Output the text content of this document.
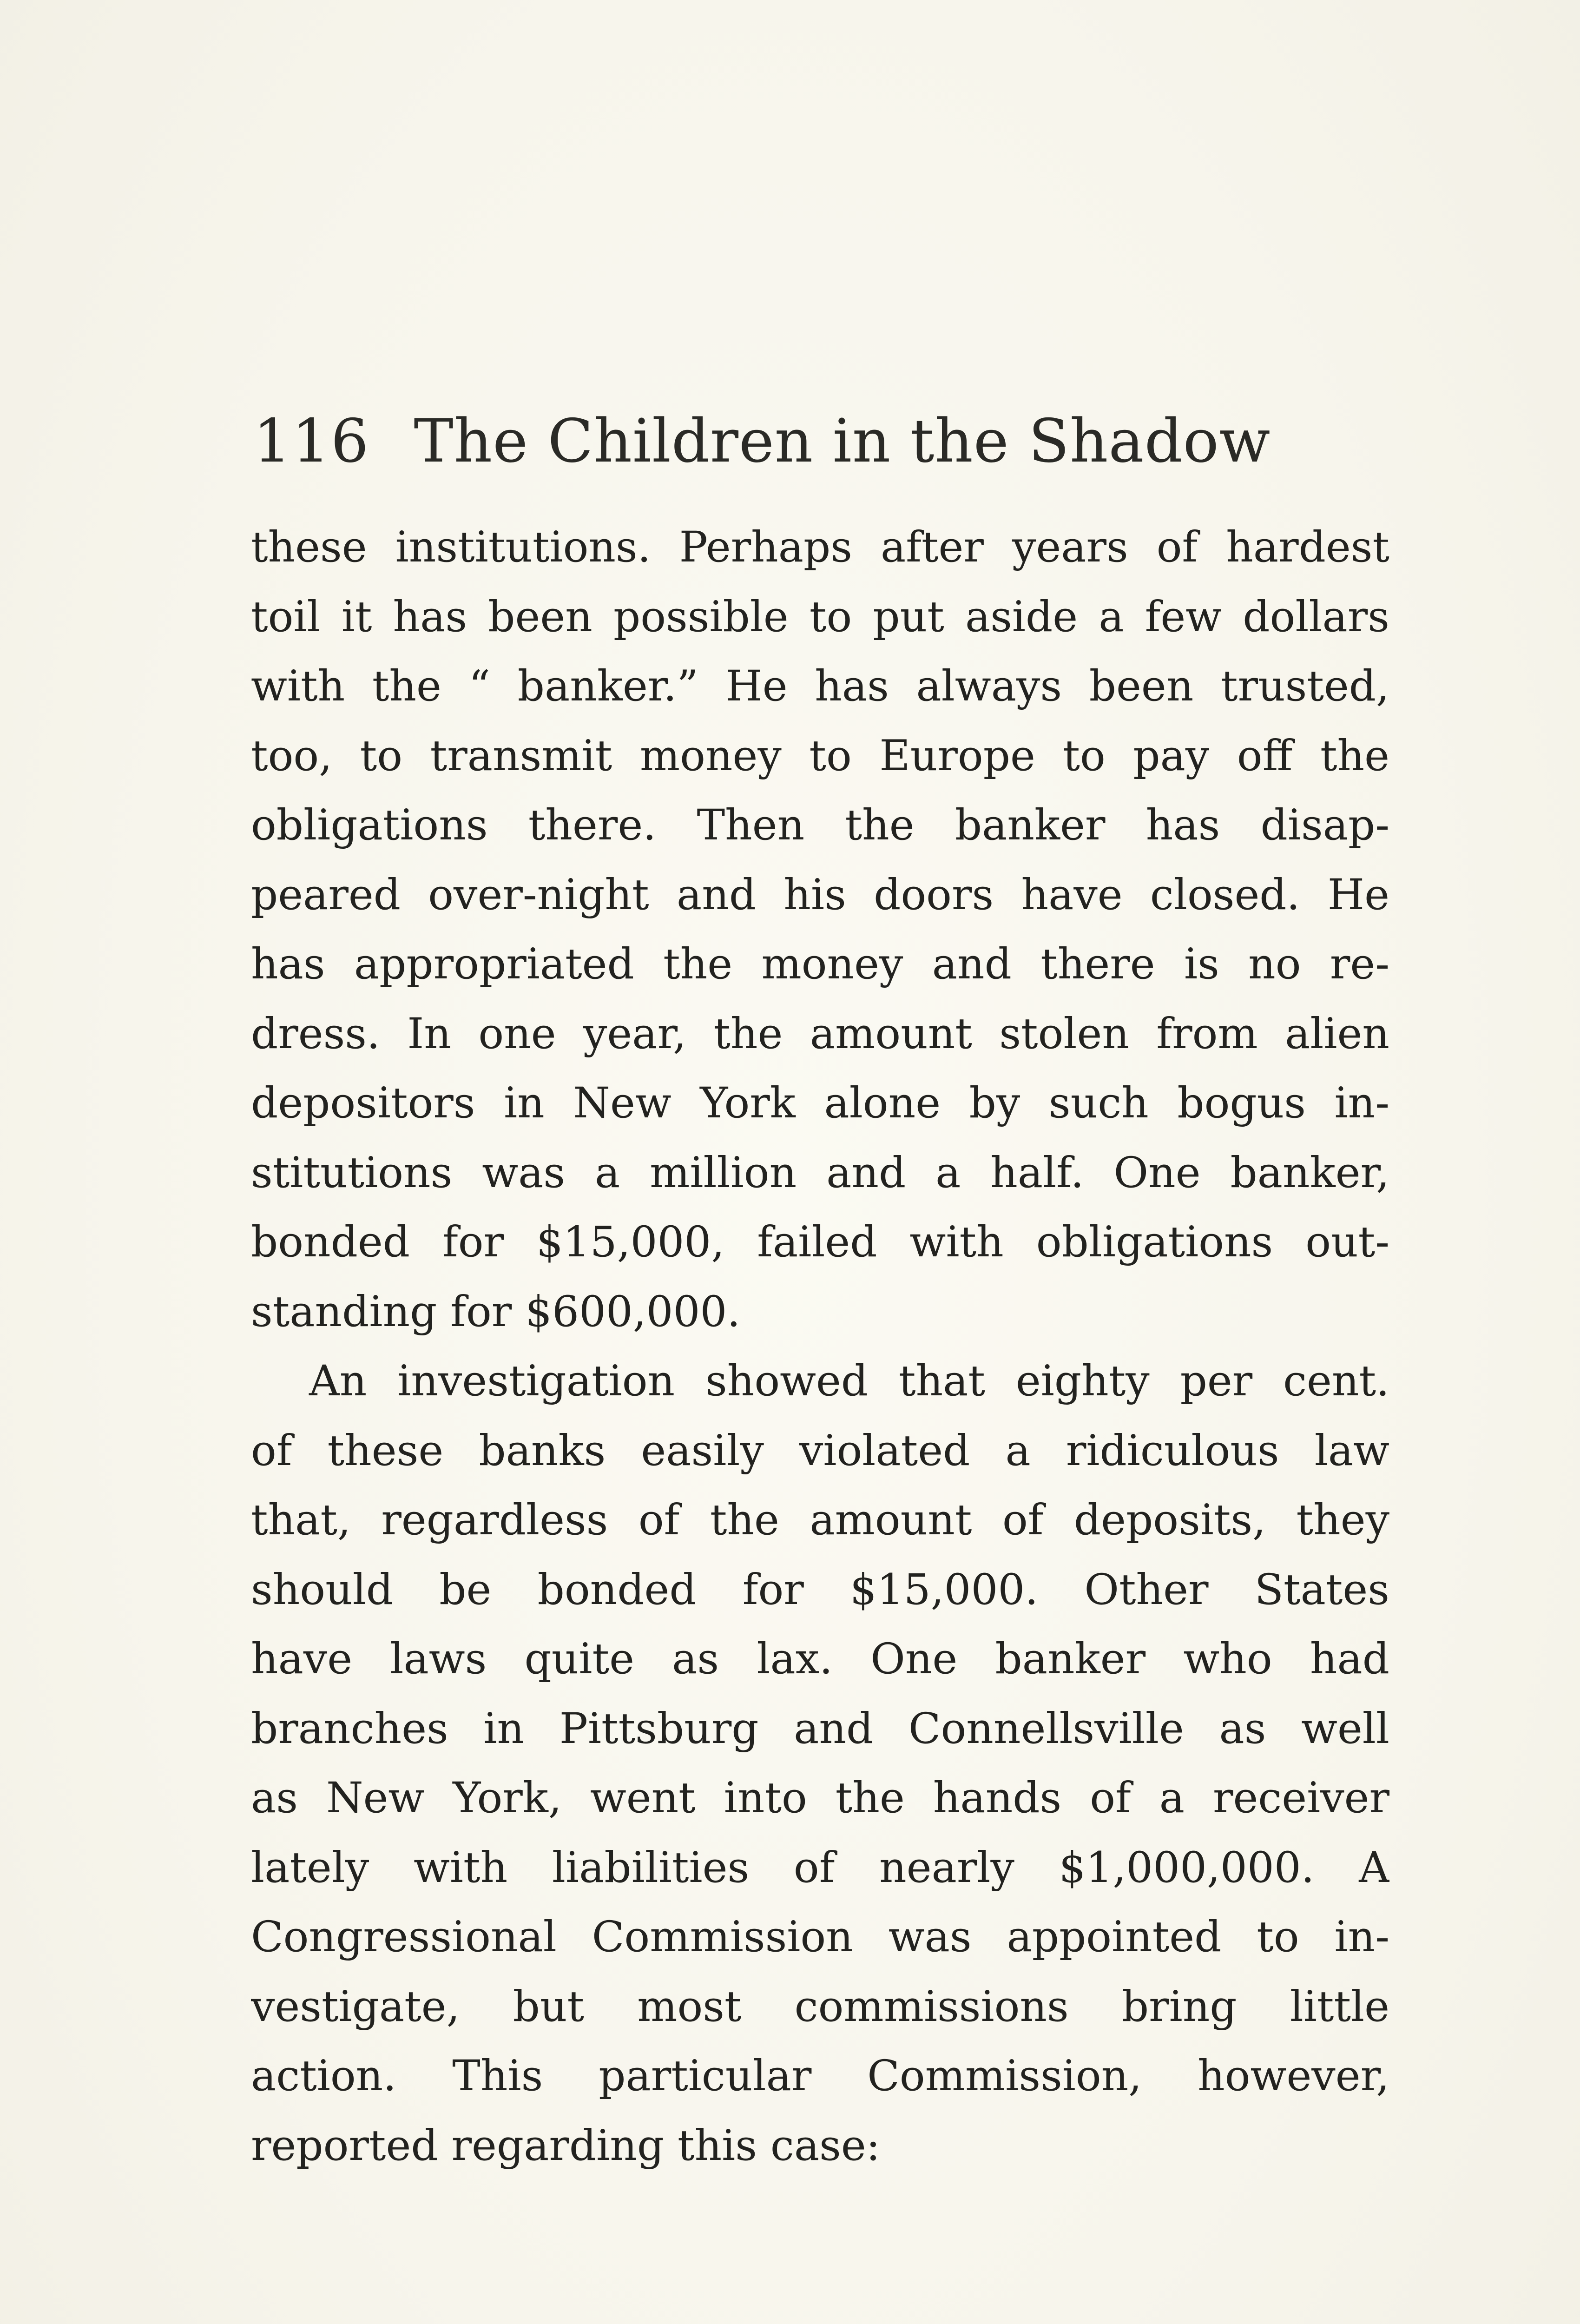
116 The Children in the Shadow
these institutions. Perhaps after years of hardest
toil it has been possible to put aside a few dollars
with the “ banker.” He has always been trusted,
too, to transmit money to Europe to pay off the
obligations there. Then the banker has disap-
peared over-night and his doors have closed. He
has appropriated the money and there is no re-
dress. In one year, the amount stolen from alien
depositors in New York alone by such bogus in-
stitutions was a million and a half. One banker,
bonded for $15,000, failed with obligations out-
standing for $600,000.
An investigation showed that eighty per cent.
of these banks easily violated a ridiculous law
that, regardless of the amount of deposits, they
should be bonded for $15,000. Other States
have laws quite as lax. One banker who had
branches in Pittsburg and Connellsville as well
as New York, went into the hands of a receiver
lately with liabilities of nearly $1,000,000. A
Congressional Commission was appointed to in-
vestigate, but most commissions bring little
action. This particular Commission, however,
reported regarding this case:
